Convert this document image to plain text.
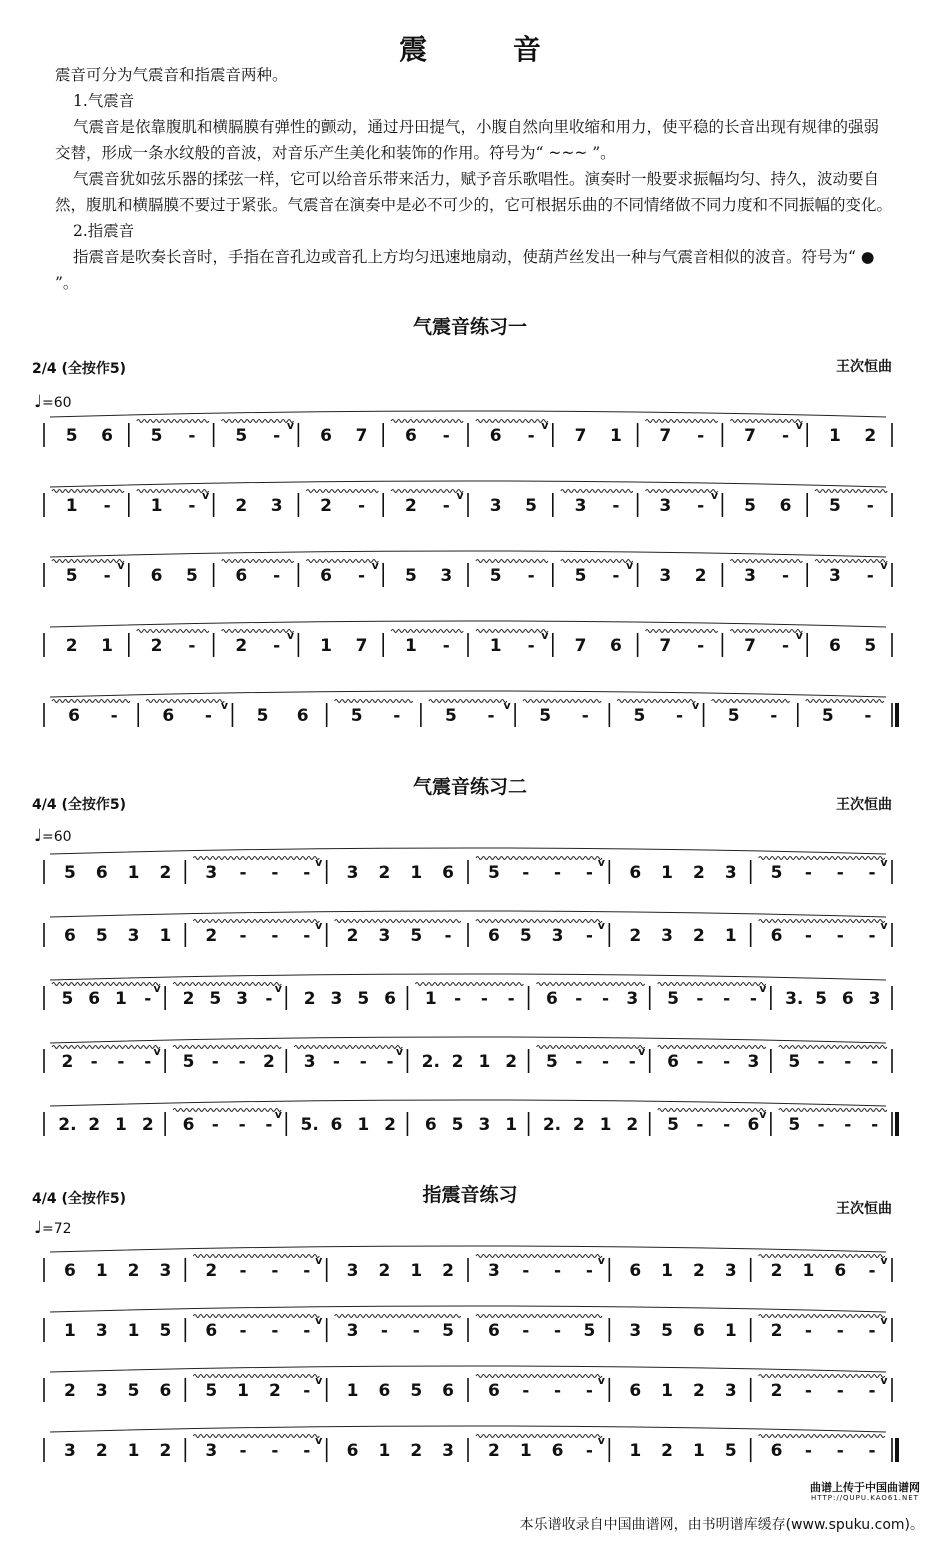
震 音

震音可分为气震音和指震音两种。

1.气震音

气震音是依靠腹肌和横膈膜有弹性的颤动，通过丹田提气，小腹自然向里收缩和用力，使平稳的长音出现有规律的强弱交替，形成一条水纹般的音波，对音乐产生美化和装饰的作用。符号为“ ~~~ ”。

气震音犹如弦乐器的揉弦一样，它可以给音乐带来活力，赋予音乐歌唱性。演奏时一般要求振幅均匀、持久，波动要自然，腹肌和横膈膜不要过于紧张。气震音在演奏中是必不可少的，它可根据乐曲的不同情绪做不同力度和不同振幅的变化。

2.指震音

指震音是吹奏长音时，手指在音孔边或音孔上方均匀迅速地扇动，使葫芦丝发出一种与气震音相似的波音。符号为“ ● ”。

气震音练习一
2/4 (全按作5)	王次恒曲
♩=60
5 6 5 - 5 -
v
6 7 6 - 6 -
v
7 1 7 - 7 -
v
1 2
1 - 1 -
v
2 3 2 - 2 -
v
3 5 3 - 3 -
v
5 6 5 -
5 -
v
6 5 6 - 6 -
v
5 3 5 - 5 -
v
3 2 3 - 3 -
v
2 1 2 - 2 -
v
1 7 1 - 1 -
v
7 6 7 - 7 -
v
6 5
6 -	6 -
v
5 6 5 -	5 -
v
5 -	5 -
v
5 -	5 -
气震音练习二
4/4 (全按作5)	王次恒曲
♩=60
5 6 1 2 3 - - -
v
3 2 1 6 5 - - -
v
6 1 2 3 5 - - -
v
6 5 3 1 2 - - -
v
2 3 5 - 6 5 3 -
v
2 3 2 1 6 - - -
v
5 6 1 -
v
2 5 3 -
v
2 3 5 6 1 - - - 6 - - 3 5 - - -
v
3. 5 6 3
2 - - -
v
5 - - 2 3 - - -
v
2. 2 1 2 5 - - -
v
6 - - 3 5 - - -
2. 2 1 2 6 - - -
v
5. 6 1 2 6 5 3 1 2. 2 1 2 5 - - 6
v
5 - - -
指震音练习
4/4 (全按作5)
王次恒曲
♩=72
6 1 2 3 2 - - -
v
3 2 1 2 3 - - -
v
6 1 2 3 2 1 6 -
v
1 3 1 5 6 - - -
v
3 - - 5 6 - - 5 3 5 6 1 2 - - -
v
2 3 5 6 5 1 2 -
v
1 6 5 6 6 - - -
v
6 1 2 3 2 - - -
v
3 2 1 2 3 - - -
v
6 1 2 3 2 1 6 -
v
1 2 1 5 6 - - -
曲谱上传于中国曲谱网
HTTP://QUPU.KAO61.NET
本乐谱收录自中国曲谱网，由书明谱库缓存(www.spuku.com)。
